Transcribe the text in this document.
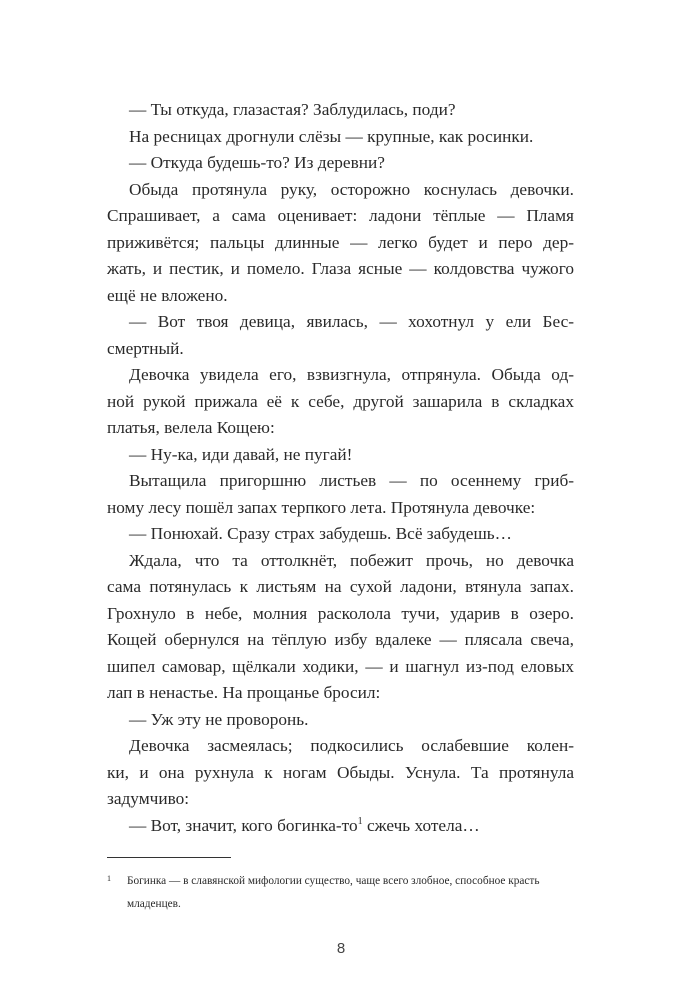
— Ты откуда, глазастая? Заблудилась, поди?
На ресницах дрогнули слёзы — крупные, как росинки.
— Откуда будешь-то? Из деревни?
Обыда протянула руку, осторожно коснулась девочки.
Спрашивает, а сама оценивает: ладони тёплые — Пламя
приживётся; пальцы длинные — легко будет и перо дер-
жать, и пестик, и помело. Глаза ясные — колдовства чужого
ещё не вложено.
— Вот твоя девица, явилась, — хохотнул у ели Бес-
смертный.
Девочка увидела его, взвизгнула, отпрянула. Обыда од-
ной рукой прижала её к себе, другой зашарила в складках
платья, велела Кощею:
— Ну-ка, иди давай, не пугай!
Вытащила пригоршню листьев — по осеннему гриб-
ному лесу пошёл запах терпкого лета. Протянула девочке:
— Понюхай. Сразу страх забудешь. Всё забудешь…
Ждала, что та оттолкнёт, побежит прочь, но девочка
сама потянулась к листьям на сухой ладони, втянула запах.
Грохнуло в небе, молния расколола тучи, ударив в озеро.
Кощей обернулся на тёплую избу вдалеке — плясала свеча,
шипел самовар, щёлкали ходики, — и шагнул из-под еловых
лап в ненастье. На прощанье бросил:
— Уж эту не проворонь.
Девочка засмеялась; подкосились ослабевшие колен-
ки, и она рухнула к ногам Обыды. Уснула. Та протянула
задумчиво:
— Вот, значит, кого богинка-$то^1$ сжечь хотела…
1 Богинка — в славянской мифологии существо, чаще всего злобное, способное красть младенцев.
8
